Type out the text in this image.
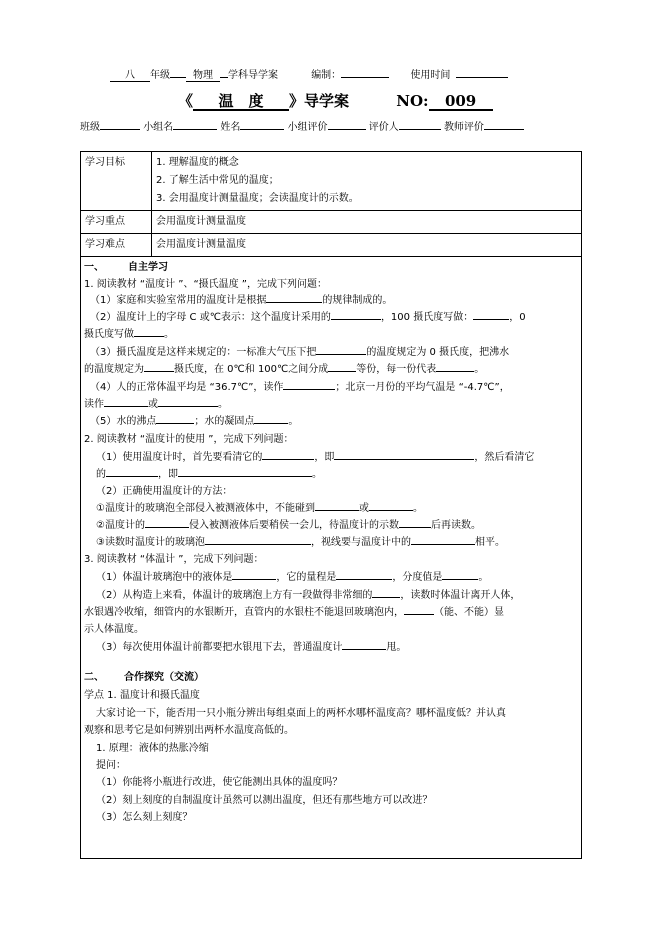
八 年级 物理 学科导学案	编制：	使用时间
《 温　度 》导学案	NO: 009
班级	小组名	姓名	小组评价	评价人	教师评价
学习目标	1. 理解温度的概念
2. 了解生活中常见的温度；
3. 会用温度计测量温度；会读温度计的示数。

学习重点	会用温度计测量温度
学习难点	会用温度计测量温度
一、 自主学习
1. 阅读教材 “温度计 ”、“摄氏温度 ”，完成下列问题：
（1）家庭和实验室常用的温度计是根据	的规律制成的。
（2）温度计上的字母 C 或℃表示：这个温度计采用的	，100 摄氏度写做：	，0
摄氏度写做	。
（3）摄氏温度是这样来规定的：一标准大气压下把	的温度规定为 0 摄氏度，把沸水
的温度规定为	摄氏度，在 0℃和 100℃之间分成	等份，每一份代表	。
（4）人的正常体温平均是 “36.7℃”，读作	；北京一月份的平均气温是 “-4.7℃”，
读作	或	。
（5）水的沸点	；水的凝固点	。
2. 阅读教材 “温度计的使用 ”，完成下列问题：
（1）使用温度计时，首先要看清它的	，即	，然后看清它
的	，即	。
（2）正确使用温度计的方法：
①温度计的玻璃泡全部侵入被测液体中，不能碰到	或	。
②温度计的	侵入被测液体后要稍侯一会儿，待温度计的示数	后再读数。
③读数时温度计的玻璃泡	，视线要与温度计中的	相平。
3. 阅读教材 “体温计 ”，完成下列问题：
（1）体温计玻璃泡中的液体是	，它的量程是	，分度值是	。
（2）从构造上来看，体温计的玻璃泡上方有一段做得非常细的	，读数时体温计离开人体，
水银遇冷收缩，细管内的水银断开，直管内的水银柱不能退回玻璃泡内，	（能、不能）显
示人体温度。
（3）每次使用体温计前都要把水银甩下去，普通温度计	甩。
二、 合作探究（交流）
学点 1. 温度计和摄氏温度
大家讨论一下，能否用一只小瓶分辨出每组桌面上的两杯水哪杯温度高？哪杯温度低？并认真
观察和思考它是如何辨别出两杯水温度高低的。
1. 原理：液体的热胀冷缩
提问：
（1）你能将小瓶进行改进，使它能测出具体的温度吗？
（2）刻上刻度的自制温度计虽然可以测出温度，但还有那些地方可以改进？
（3）怎么刻上刻度？
